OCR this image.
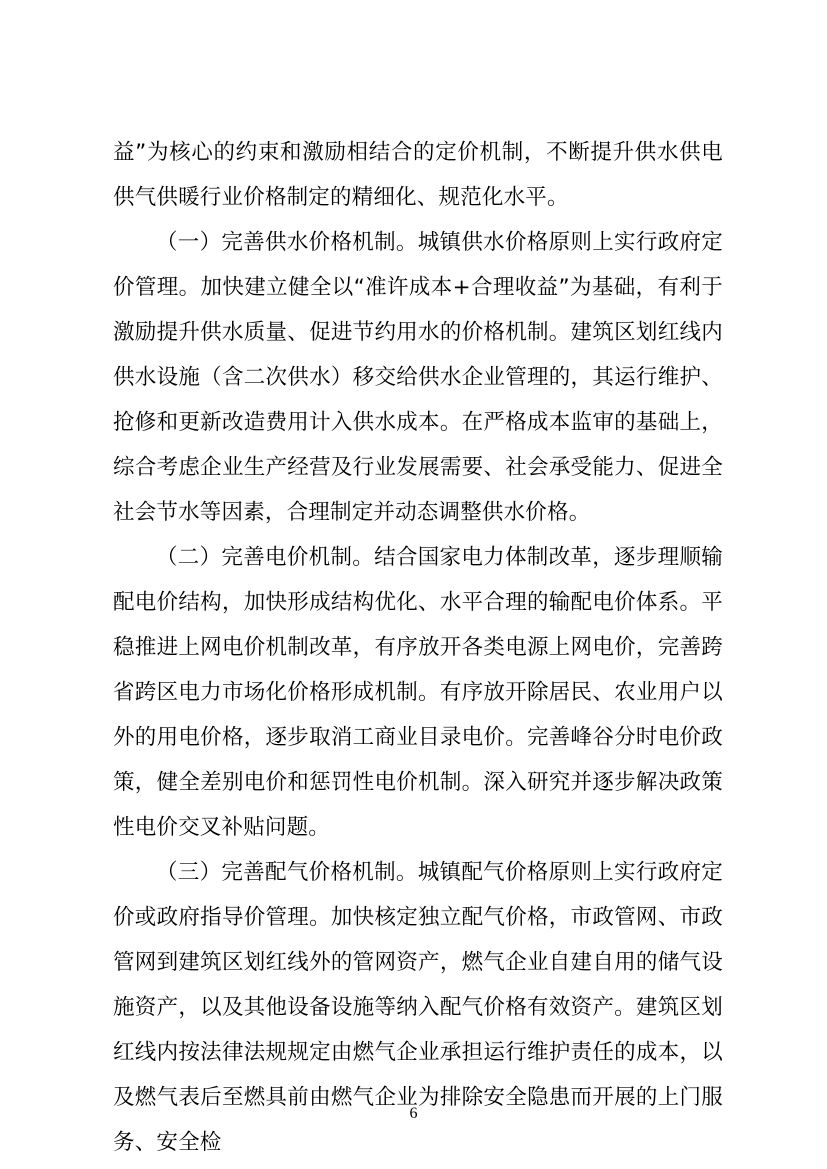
益”为核心的约束和激励相结合的定价机制，不断提升供水供电供气供暖行业价格制定的精细化、规范化水平。

（一）完善供水价格机制。城镇供水价格原则上实行政府定价管理。加快建立健全以“准许成本+合理收益”为基础，有利于激励提升供水质量、促进节约用水的价格机制。建筑区划红线内供水设施（含二次供水）移交给供水企业管理的，其运行维护、抢修和更新改造费用计入供水成本。在严格成本监审的基础上，综合考虑企业生产经营及行业发展需要、社会承受能力、促进全社会节水等因素，合理制定并动态调整供水价格。

（二）完善电价机制。结合国家电力体制改革，逐步理顺输配电价结构，加快形成结构优化、水平合理的输配电价体系。平稳推进上网电价机制改革，有序放开各类电源上网电价，完善跨省跨区电力市场化价格形成机制。有序放开除居民、农业用户以外的用电价格，逐步取消工商业目录电价。完善峰谷分时电价政策，健全差别电价和惩罚性电价机制。深入研究并逐步解决政策性电价交叉补贴问题。

（三）完善配气价格机制。城镇配气价格原则上实行政府定价或政府指导价管理。加快核定独立配气价格，市政管网、市政管网到建筑区划红线外的管网资产，燃气企业自建自用的储气设施资产，以及其他设备设施等纳入配气价格有效资产。建筑区划红线内按法律法规规定由燃气企业承担运行维护责任的成本，以及燃气表后至燃具前由燃气企业为排除安全隐患而开展的上门服务、安全检

6
